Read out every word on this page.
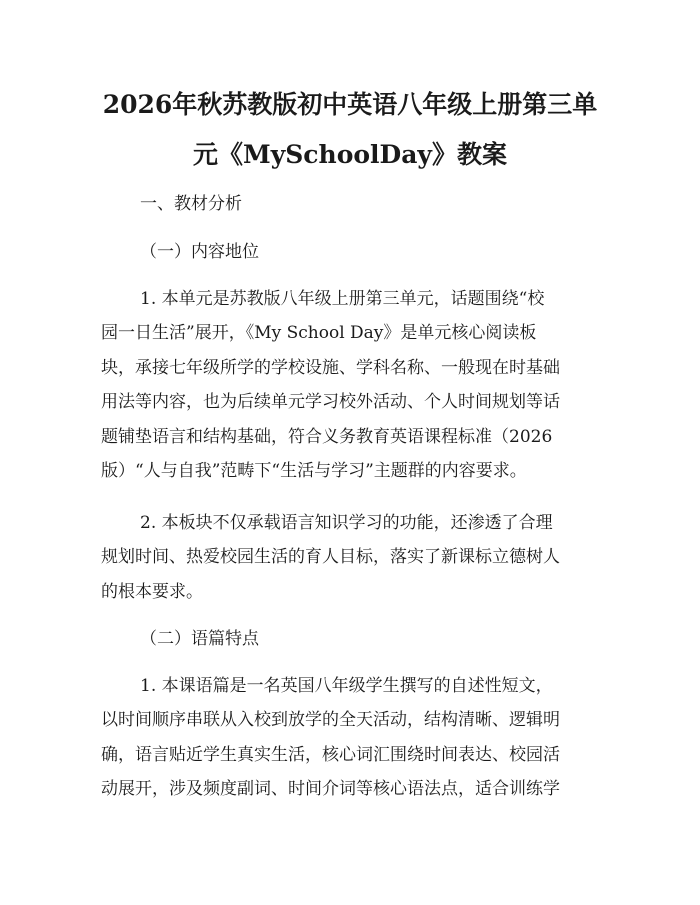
2026年秋苏教版初中英语八年级上册第三单
元《MySchoolDay》教案
一、教材分析
（一）内容地位
1. 本单元是苏教版八年级上册第三单元，话题围绕“校
园一日生活”展开，《My School Day》是单元核心阅读板
块，承接七年级所学的学校设施、学科名称、一般现在时基础
用法等内容，也为后续单元学习校外活动、个人时间规划等话
题铺垫语言和结构基础，符合义务教育英语课程标准（2026
版）“人与自我”范畴下“生活与学习”主题群的内容要求。
2. 本板块不仅承载语言知识学习的功能，还渗透了合理
规划时间、热爱校园生活的育人目标，落实了新课标立德树人
的根本要求。
（二）语篇特点
1. 本课语篇是一名英国八年级学生撰写的自述性短文，
以时间顺序串联从入校到放学的全天活动，结构清晰、逻辑明
确，语言贴近学生真实生活，核心词汇围绕时间表达、校园活
动展开，涉及频度副词、时间介词等核心语法点，适合训练学
